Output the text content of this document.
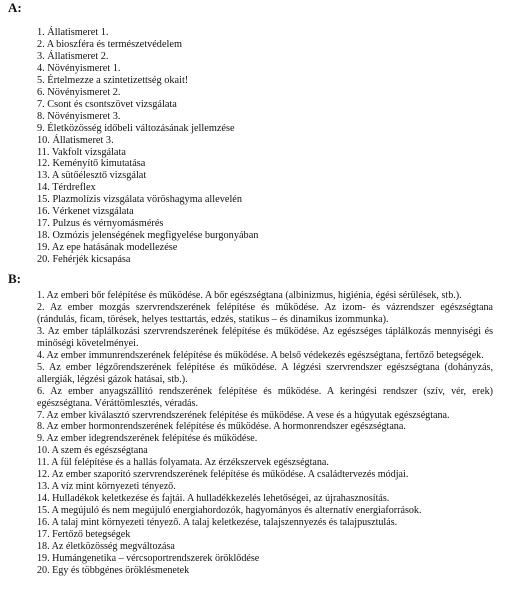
A:
1. Állatismeret 1.
2. A bioszféra és természetvédelem
3. Állatismeret 2.
4. Növényismeret 1.
5. Értelmezze a szintetizettség okait!
6. Növényismeret 2.
7. Csont és csontszövet vizsgálata
8. Növényismeret 3.
9. Életközösség időbeli változásának jellemzése
10. Állatismeret 3.
11. Vakfolt vizsgálata
12. Keményítő kimutatása
13. A sütőélesztő vizsgálat
14. Térdreflex
15. Plazmolízis vizsgálata vöröshagyma allevelén
16. Vérkenet vizsgálata
17. Pulzus és vérnyomásmérés
18. Ozmózis jelenségének megfigyelése burgonyában
19. Az epe hatásának modellezése
20. Fehérjék kicsapása
B:
1. Az emberi bőr felépítése és működése. A bőr egészségtana (albinizmus, higiénia, égési sérülések, stb.).
2. Az ember mozgás szervrendszerének felépítése és működése. Az izom- és vázrendszer egészségtana (rándulás, ficam, törések, helyes testtartás, edzés, statikus – és dinamikus izommunka).
3. Az ember táplálkozási szervrendszerének felépítése és működése. Az egészséges táplálkozás mennyiségi és minőségi követelményei.
4. Az ember immunrendszerének felépítése és működése. A belső védekezés egészségtana, fertőző betegségek.
5. Az ember légzőrendszerének felépítése és működése. A légzési szervrendszer egészségtana (dohányzás, allergiák, légzési gázok hatásai, stb.).
6. Az ember anyagszállító rendszerének felépítése és működése. A keringési rendszer (szív, vér, erek) egészségtana. Véráttömlesztés, véradás.
7. Az ember kiválasztó szervrendszerének felépítése és működése. A vese és a húgyutak egészségtana.
8. Az ember hormonrendszerének felépítése és működése. A hormonrendszer egészségtana.
9. Az ember idegrendszerének felépítése és működése.
10. A szem és egészségtana
11. A fül felépítése és a hallás folyamata. Az érzékszervek egészségtana.
12. Az ember szaporító szervrendszerének felépítése és működése. A családtervezés módjai.
13. A víz mint környezeti tényező.
14. Hulladékok keletkezése és fajtái. A hulladékkezelés lehetőségei, az újrahasznosítás.
15. A megújuló és nem megújuló energiahordozók, hagyományos és alternatív energiaforrások.
16. A talaj mint környezeti tényező. A talaj keletkezése, talajszennyezés és talajpusztulás.
17. Fertőző betegségek
18. Az életközösség megváltozása
19. Humángenetika – vércsoportrendszerek öröklődése
20. Egy és többgénes öröklésmenetek
